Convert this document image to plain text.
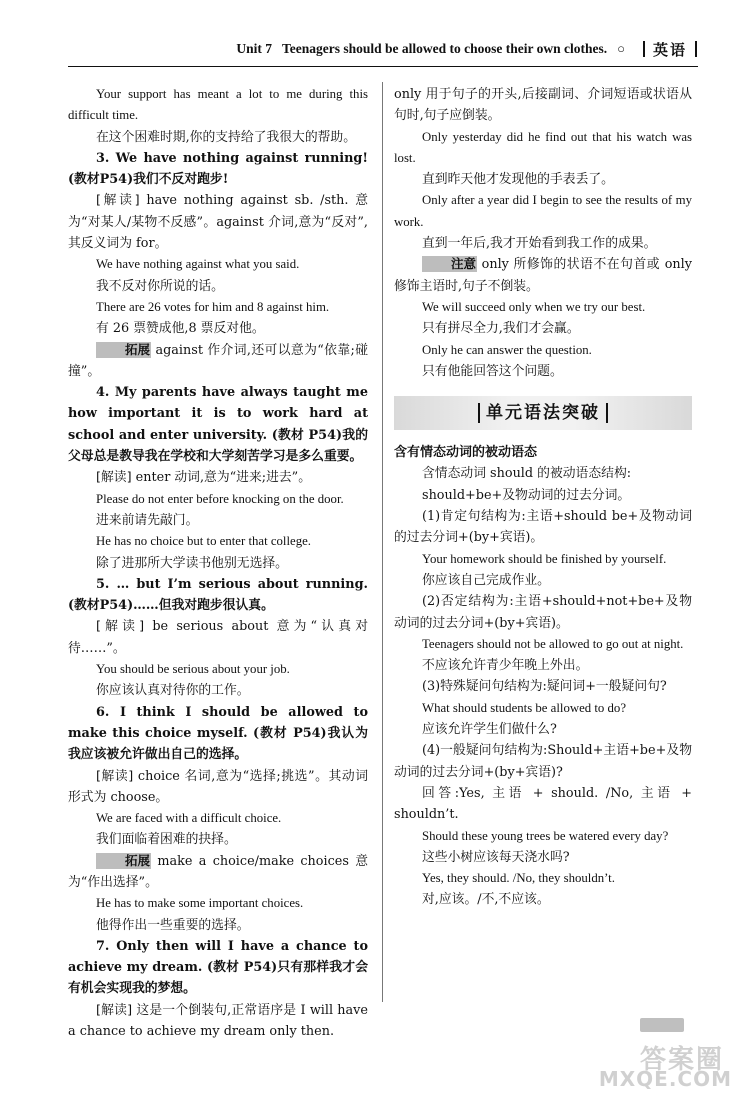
Unit 7 Teenagers should be allowed to choose their own clothes. ○ 英语

Your support has meant a lot to me during this difficult time.

在这个困难时期,你的支持给了我很大的帮助。

3. We have nothing against running! (教材P54)我们不反对跑步!

[解读] have nothing against sb. /sth. 意为“对某人/某物不反感”。against 介词,意为“反对”,其反义词为 for。

We have nothing against what you said.

我不反对你所说的话。

There are 26 votes for him and 8 against him.

有 26 票赞成他,8 票反对他。

拓展 against 作介词,还可以意为“依靠;碰撞”。

4. My parents have always taught me how important it is to work hard at school and enter university. (教材 P54)我的父母总是教导我在学校和大学刻苦学习是多么重要。

[解读] enter 动词,意为“进来;进去”。

Please do not enter before knocking on the door.

进来前请先敲门。

He has no choice but to enter that college.

除了进那所大学读书他别无选择。

5. … but I’m serious about running. (教材P54)……但我对跑步很认真。

[解读] be serious about 意为“认真对待……”。

You should be serious about your job.

你应该认真对待你的工作。

6. I think I should be allowed to make this choice myself. (教材 P54)我认为我应该被允许做出自己的选择。

[解读] choice 名词,意为“选择;挑选”。其动词形式为 choose。

We are faced with a difficult choice.

我们面临着困难的抉择。

拓展 make a choice/make choices 意为“作出选择”。

He has to make some important choices.

他得作出一些重要的选择。

7. Only then will I have a chance to achieve my dream. (教材 P54)只有那样我才会有机会实现我的梦想。

[解读] 这是一个倒装句,正常语序是 I will have a chance to achieve my dream only then.

only 用于句子的开头,后接副词、介词短语或状语从句时,句子应倒装。

Only yesterday did he find out that his watch was lost.

直到昨天他才发现他的手表丢了。

Only after a year did I begin to see the results of my work.

直到一年后,我才开始看到我工作的成果。

注意 only 所修饰的状语不在句首或 only 修饰主语时,句子不倒装。

We will succeed only when we try our best.

只有拼尽全力,我们才会赢。

Only he can answer the question.

只有他能回答这个问题。

单元语法突破

含有情态动词的被动语态

含情态动词 should 的被动语态结构:

should+be+及物动词的过去分词。

(1)肯定句结构为:主语+should be+及物动词的过去分词+(by+宾语)。

Your homework should be finished by yourself.

你应该自己完成作业。

(2)否定结构为:主语+should+not+be+及物动词的过去分词+(by+宾语)。

Teenagers should not be allowed to go out at night.

不应该允许青少年晚上外出。

(3)特殊疑问句结构为:疑问词+一般疑问句?

What should students be allowed to do?

应该允许学生们做什么?

(4)一般疑问句结构为:Should+主语+be+及物动词的过去分词+(by+宾语)?

回答:Yes, 主语 + should. /No, 主语 + shouldn’t.

Should these young trees be watered every day?

这些小树应该每天浇水吗?

Yes, they should. /No, they shouldn’t.

对,应该。/不,不应该。

答案圈
MXQE.COM
